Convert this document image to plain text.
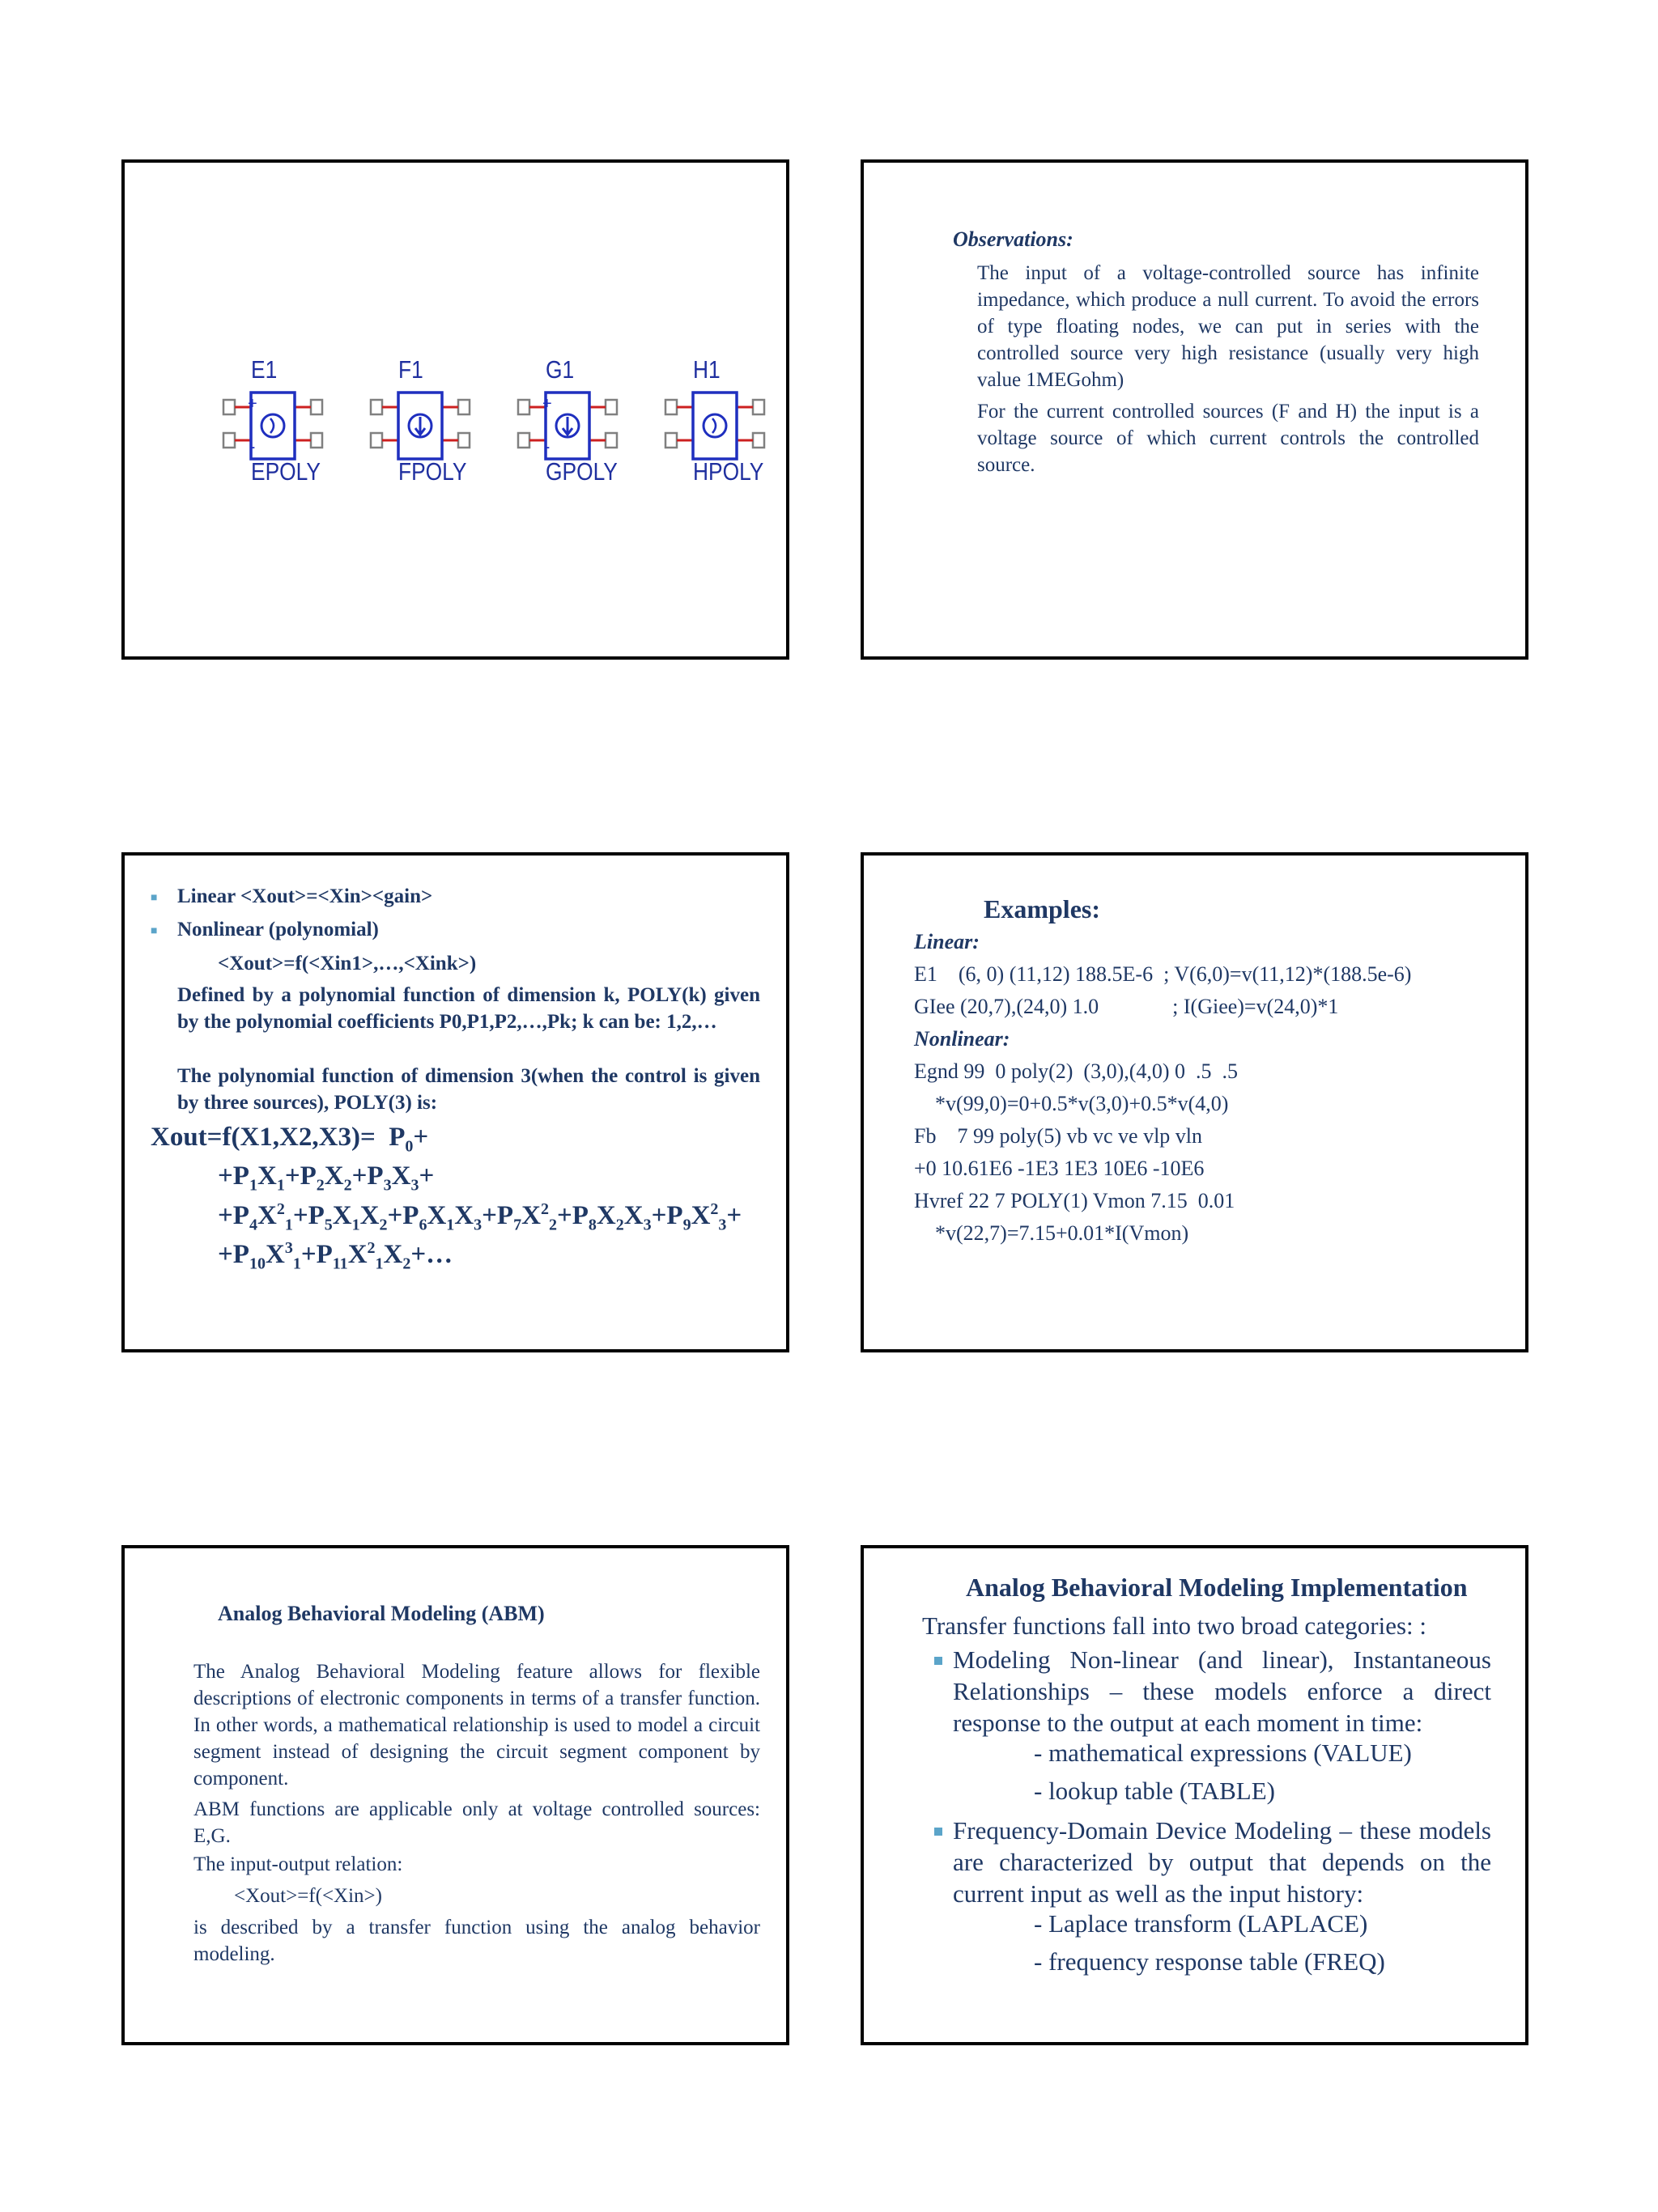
+
-
E1
EPOLY
F1
FPOLY
+
-
G1
GPOLY
H1
HPOLY
Observations:

The input of a voltage-controlled source has infinite impedance, which produce a null current. To avoid the errors of type floating nodes, we can put in series with the controlled source very high resistance (usually very high value 1MEGohm)

For the current controlled sources (F and H) the input is a voltage source of which current controls the controlled source.

■ Linear <Xout>=<Xin><gain>

■ Nonlinear (polynomial)

<Xout>=f(<Xin1>,…,<Xink>)

Defined by a polynomial function of dimension k, POLY(k) given by the polynomial coefficients P0,P1,P2,…,Pk; k can be: 1,2,…

The polynomial function of dimension 3(when the control is given by three sources), POLY(3) is:

Xout=f(X1,X2,X3)=  $P_0+$
$+P_1X_1+P_2X_2+P_3X_3+$
$+P_4X^2_1+P_5X_1X_2+P_6X_1X_3+P_7X^2_2+P_8X_2X_3+P_9X^2_3+$
$+P_{10}X^3_1+P_{11}X^2_1X_2+\dots$
Examples:
Linear:
E1    (6, 0) (11,12) 188.5E-6  ; V(6,0)=v(11,12)*(188.5e-6)
GIee (20,7),(24,0) 1.0              ; I(Giee)=v(24,0)*1
Nonlinear:
Egnd 99  0 poly(2)  (3,0),(4,0) 0  .5  .5
*v(99,0)=0+0.5*v(3,0)+0.5*v(4,0)
Fb    7 99 poly(5) vb vc ve vlp vln
+0 10.61E6 -1E3 1E3 10E6 -10E6
Hvref 22 7 POLY(1) Vmon 7.15  0.01
*v(22,7)=7.15+0.01*I(Vmon)
Analog Behavioral Modeling (ABM)

The Analog Behavioral Modeling feature allows for flexible descriptions of electronic components in terms of a transfer function. In other words, a mathematical relationship is used to model a circuit segment instead of designing the circuit segment component by component.

ABM functions are applicable only at voltage controlled sources: E,G.

The input-output relation:

<Xout>=f(<Xin>)

is described by a transfer function using the analog behavior modeling.

Analog Behavioral Modeling Implementation
Transfer functions fall into two broad categories: :

Modeling Non-linear (and linear), Instantaneous Relationships – these models enforce a direct response to the output at each moment in time:

- mathematical expressions (VALUE)
- lookup table (TABLE)

Frequency-Domain Device Modeling – these models are characterized by output that depends on the current input as well as the input history:

- Laplace transform (LAPLACE)
- frequency response table (FREQ)
